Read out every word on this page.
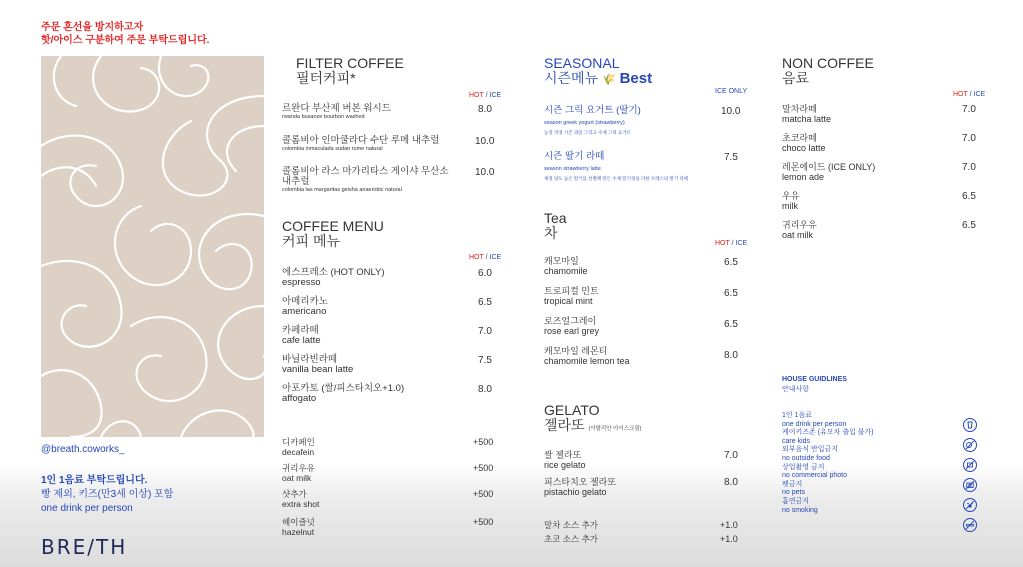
주문 혼선을 방지하고자
핫/아이스 구분하여 주문 부탁드립니다.
@breath.coworks_
1인 1음료 부탁드립니다.
빵 제외, 키즈(만3세 이상) 포함
one drink per person
BRE/TH
FILTER COFFEE
필터커피*
HOT / ICE
르완다 부산제 버본 워시드
rwanda busanze bourbon washed
8.0
콜롬비아 인마쿨라다 수단 루메 내추럴
colombia inmaculada sudan rume natural
10.0
콜롬비아 라스 마가리타스 게이샤 무산소 내추럴
colombia las margaritas geisha anaerobic natural
10.0
COFFEE MENU
커피 메뉴
HOT / ICE
에스프레소 (HOT ONLY)
espresso
6.0
아메리카노
americano
6.5
카페라떼
cafe latte
7.0
바닐라빈라떼
vanilla bean latte
7.5
아포카토 (쌀/피스타치오+1.0)
affogato
8.0
디카페인
decafein
+500
귀리우유
oat milk
+500
샷추가
extra shot
+500
헤이즐넛
hazelnut
+500
SEASONAL
시즌메뉴 🌾 Best
ICE ONLY
시즌 그릭 요거트 (딸기)
season greek yogurt (strawberry)
농장 직영 시즌 과일 그리고 수제 그릭 요거트
10.0
시즌 딸기 라떼
season strawberry latte
제철 당도 높은 딸기를 선별해 만든 수제 딸기청을 더한 브레스의 딸기 라떼
7.5
Tea
차
HOT / ICE
캐모마일
chamomile
6.5
트로피컬 민트
tropical mint
6.5
로즈얼그레이
rose earl grey
6.5
캐모마일 레몬티
chamomile lemon tea	8.0
GELATO
젤라또 (이탈리안 아이스크림)
쌀 젤라또
rice gelato
7.0
피스타치오 젤라또
pistachio gelato
8.0
말차 소스 추가	+1.0
초코 소스 추가	+1.0
NON COFFEE
음료
HOT / ICE
말차라떼
matcha latte
7.0
초코라떼
choco latte
7.0
레몬에이드 (ICE ONLY)
lemon ade
7.0
우유
milk
6.5
귀리우유
oat milk
6.5
HOUSE GUIDLINES
안내사항
1인 1음료
one drink per person
케어키즈존 (유모차 출입 불가)
care kids
외부음식 반입금지
no outside food
상업촬영 금지
no commercial photo
펫금지
no pets
흡연금지
no smoking
